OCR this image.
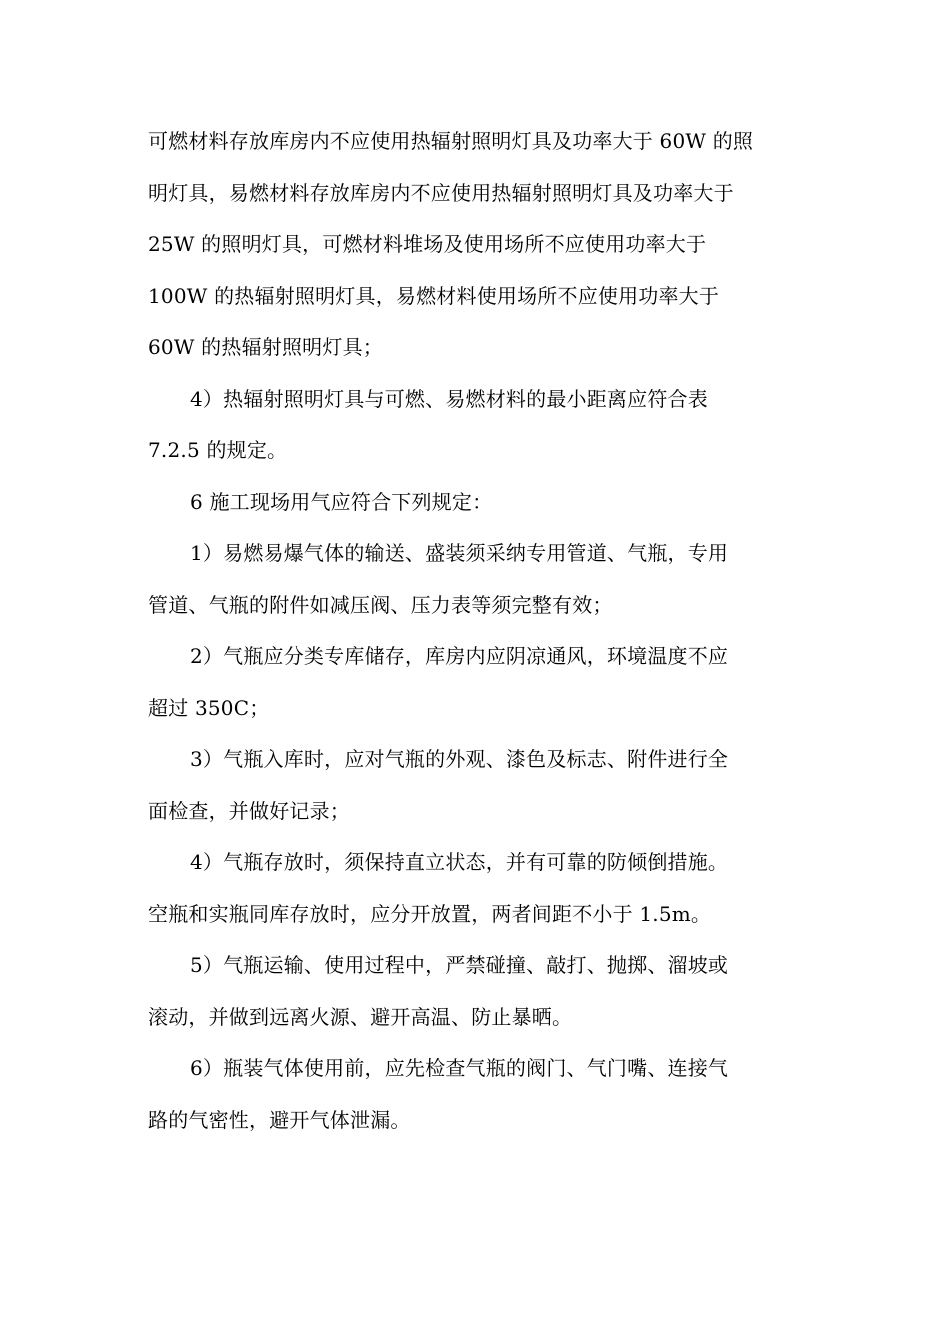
可燃材料存放库房内不应使用热辐射照明灯具及功率大于 60W 的照
明灯具，易燃材料存放库房内不应使用热辐射照明灯具及功率大于
25W 的照明灯具，可燃材料堆场及使用场所不应使用功率大于
100W 的热辐射照明灯具，易燃材料使用场所不应使用功率大于
60W 的热辐射照明灯具；
4）热辐射照明灯具与可燃、易燃材料的最小距离应符合表
7.2.5 的规定。
6 施工现场用气应符合下列规定：
1）易燃易爆气体的输送、盛装须采纳专用管道、气瓶，专用
管道、气瓶的附件如减压阀、压力表等须完整有效；
2）气瓶应分类专库储存，库房内应阴凉通风，环境温度不应
超过 350C；
3）气瓶入库时，应对气瓶的外观、漆色及标志、附件进行全
面检查，并做好记录；
4）气瓶存放时，须保持直立状态，并有可靠的防倾倒措施。
空瓶和实瓶同库存放时，应分开放置，两者间距不小于 1.5m。
5）气瓶运输、使用过程中，严禁碰撞、敲打、抛掷、溜坡或
滚动，并做到远离火源、避开高温、防止暴晒。
6）瓶装气体使用前，应先检查气瓶的阀门、气门嘴、连接气
路的气密性，避开气体泄漏。
